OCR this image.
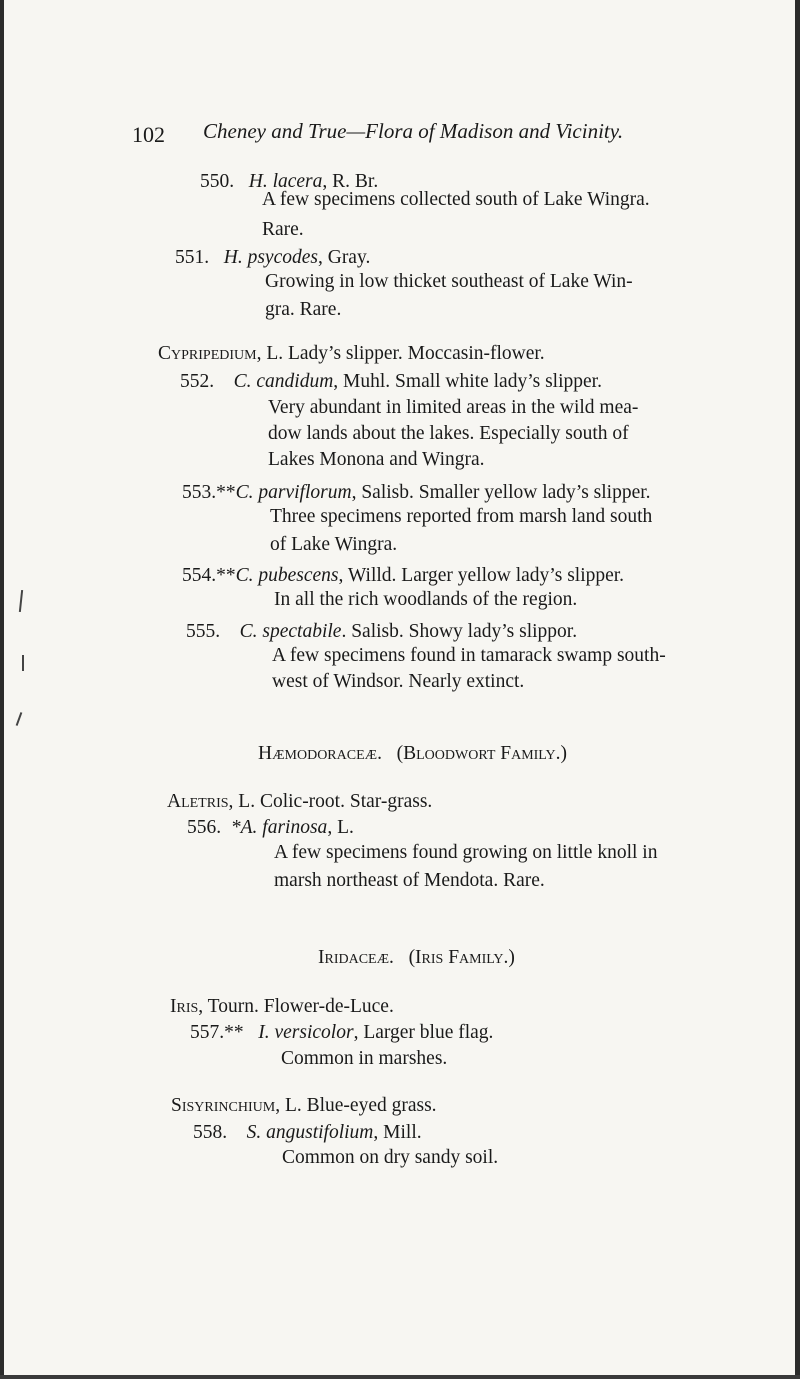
102 Cheney and True—Flora of Madison and Vicinity.
550. H. lacera, R. Br.
A few specimens collected south of Lake Wingra.
Rare.
551. H. psycodes, Gray.
Growing in low thicket southeast of Lake Win-
gra. Rare.
Cypripedium, L. Lady’s slipper. Moccasin-flower.
552. C. candidum, Muhl. Small white lady’s slipper.
Very abundant in limited areas in the wild mea-
dow lands about the lakes. Especially south of
Lakes Monona and Wingra.
553.**C. parviflorum, Salisb. Smaller yellow lady’s slipper.
Three specimens reported from marsh land south
of Lake Wingra.
554.**C. pubescens, Willd. Larger yellow lady’s slipper.
In all the rich woodlands of the region.
555. C. spectabile. Salisb. Showy lady’s slippor.
A few specimens found in tamarack swamp south-
west of Windsor. Nearly extinct.
Hæmodoraceæ. (Bloodwort Family.)
Aletris, L. Colic-root. Star-grass.
556. *A. farinosa, L.
A few specimens found growing on little knoll in
marsh northeast of Mendota. Rare.
Iridaceæ. (Iris Family.)
Iris, Tourn. Flower-de-Luce.
557.** I. versicolor, Larger blue flag.
Common in marshes.
Sisyrinchium, L. Blue-eyed grass.
558. S. angustifolium, Mill.
Common on dry sandy soil.
